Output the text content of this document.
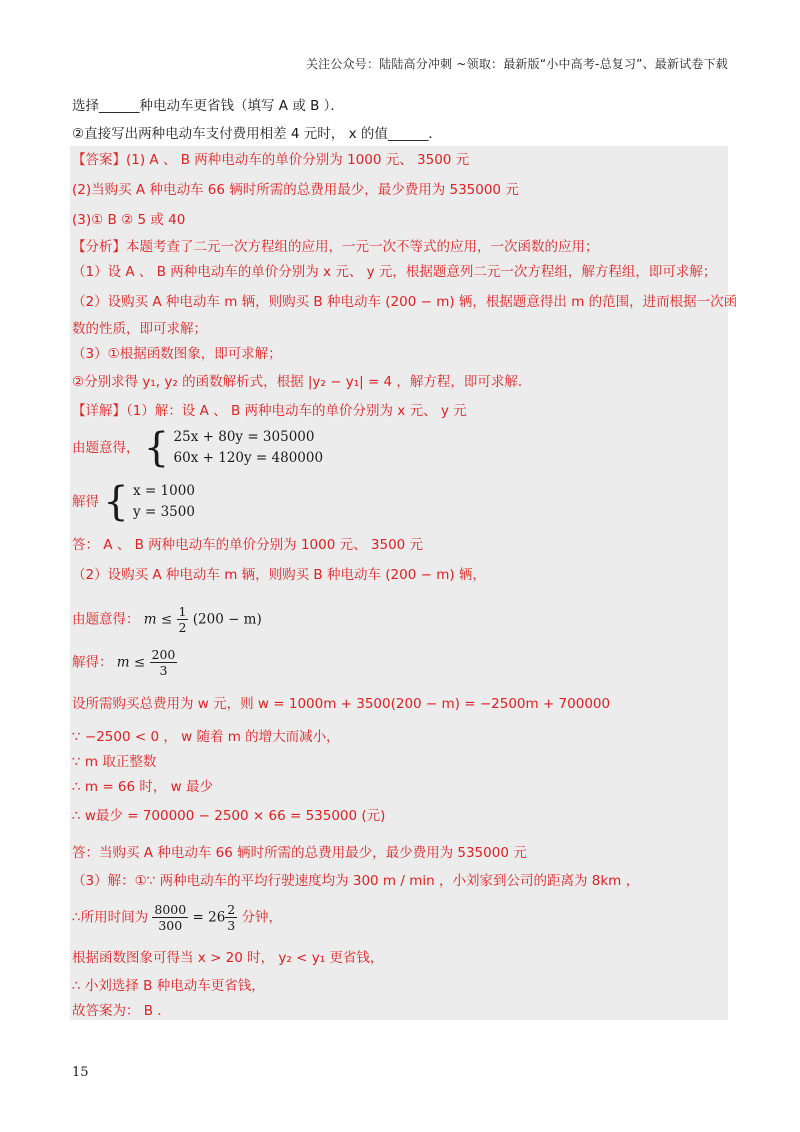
关注公众号：陆陆高分冲刺 ~领取：最新版“小中高考-总复习”、最新试卷下载
选择______种电动车更省钱（填写 A 或 B ）．
②直接写出两种电动车支付费用相差 4 元时， x 的值______．
【答案】(1) A 、 B 两种电动车的单价分别为 1000 元、 3500 元
(2)当购买 A 种电动车 66 辆时所需的总费用最少，最少费用为 535000 元
(3)① B ② 5 或 40
【分析】本题考查了二元一次方程组的应用，一元一次不等式的应用，一次函数的应用；
（1）设 A 、 B 两种电动车的单价分别为 x 元、 y 元，根据题意列二元一次方程组，解方程组，即可求解；
（2）设购买 A 种电动车 m 辆，则购买 B 种电动车 (200 − m) 辆，根据题意得出 m 的范围，进而根据一次函
数的性质，即可求解；
（3）①根据函数图象，即可求解；
②分别求得 y₁, y₂ 的函数解析式，根据 |y₂ − y₁| = 4 ，解方程，即可求解．
【详解】（1）解：设 A 、 B 两种电动车的单价分别为 x 元、 y 元
由题意得， { 25x + 80y = 305000
60x + 120y = 480000
解得 { x = 1000
y = 3500
答： A 、 B 两种电动车的单价分别为 1000 元、 3500 元
（2）设购买 A 种电动车 m 辆，则购买 B 种电动车 (200 − m) 辆，
由题意得： $m \le \frac{1}{2} (200 - m)$
解得： $m \le \frac{200}{3}$
设所需购买总费用为 w 元，则 w = 1000m + 3500(200 − m) = −2500m + 700000
∵ −2500 < 0 ， w 随着 m 的增大而减小，
∵ m 取正整数
∴ m = 66 时， w 最少
∴ w最少 = 700000 − 2500 × 66 = 535000 (元)
答：当购买 A 种电动车 66 辆时所需的总费用最少，最少费用为 535000 元
（3）解：①∵ 两种电动车的平均行驶速度均为 300 m / min ，小刘家到公司的距离为 8km ，
∴所用时间为 $\frac{8000}{300} = 26 \frac{2}{3}$ 分钟，
根据函数图象可得当 x > 20 时， y₂ < y₁ 更省钱，
∴ 小刘选择 B 种电动车更省钱，
故答案为： B ．
15
